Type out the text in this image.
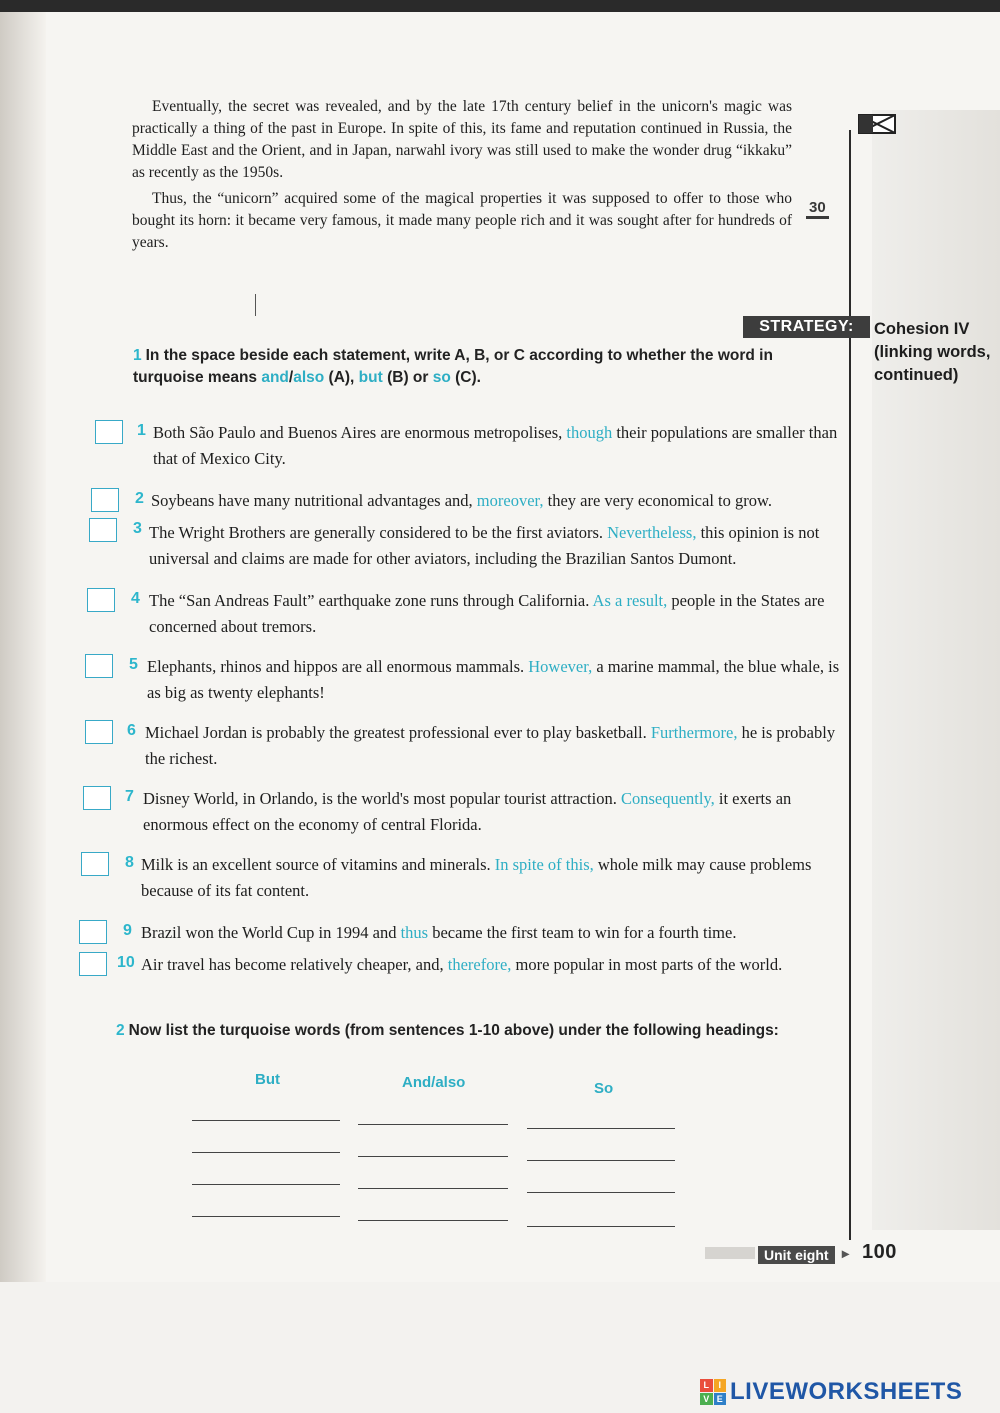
Eventually, the secret was revealed, and by the late 17th century belief in the unicorn's magic was practically a thing of the past in Europe. In spite of this, its fame and reputation continued in Russia, the Middle East and the Orient, and in Japan, narwahl ivory was still used to make the wonder drug “ikkaku” as recently as the 1950s.

Thus, the “unicorn” acquired some of the magical properties it was supposed to offer to those who bought its horn: it became very famous, it made many people rich and it was sought after for hundreds of years.

30
STRATEGY:	Cohesion IV (linking words, continued)
1 In the space beside each statement, write A, B, or C according to whether the word in turquoise means and/also (A), but (B) or so (C).
1 Both São Paulo and Buenos Aires are enormous metropolises, though their populations are smaller than that of Mexico City.
2 Soybeans have many nutritional advantages and, moreover, they are very economical to grow.
3 The Wright Brothers are generally considered to be the first aviators. Nevertheless, this opinion is not universal and claims are made for other aviators, including the Brazilian Santos Dumont.
4 The “San Andreas Fault” earthquake zone runs through California. As a result, people in the States are concerned about tremors.
5 Elephants, rhinos and hippos are all enormous mammals. However, a marine mammal, the blue whale, is as big as twenty elephants!
6 Michael Jordan is probably the greatest professional ever to play basketball. Furthermore, he is probably the richest.
7 Disney World, in Orlando, is the world's most popular tourist attraction. Consequently, it exerts an enormous effect on the economy of central Florida.
8 Milk is an excellent source of vitamins and minerals. In spite of this, whole milk may cause problems because of its fat content.
9 Brazil won the World Cup in 1994 and thus became the first team to win for a fourth time.
10 Air travel has become relatively cheaper, and, therefore, more popular in most parts of the world.
2 Now list the turquoise words (from sentences 1-10 above) under the following headings:
But	And/also	So
Unit eight ▸ 100
L	I
V E LIVEWORKSHEETS
